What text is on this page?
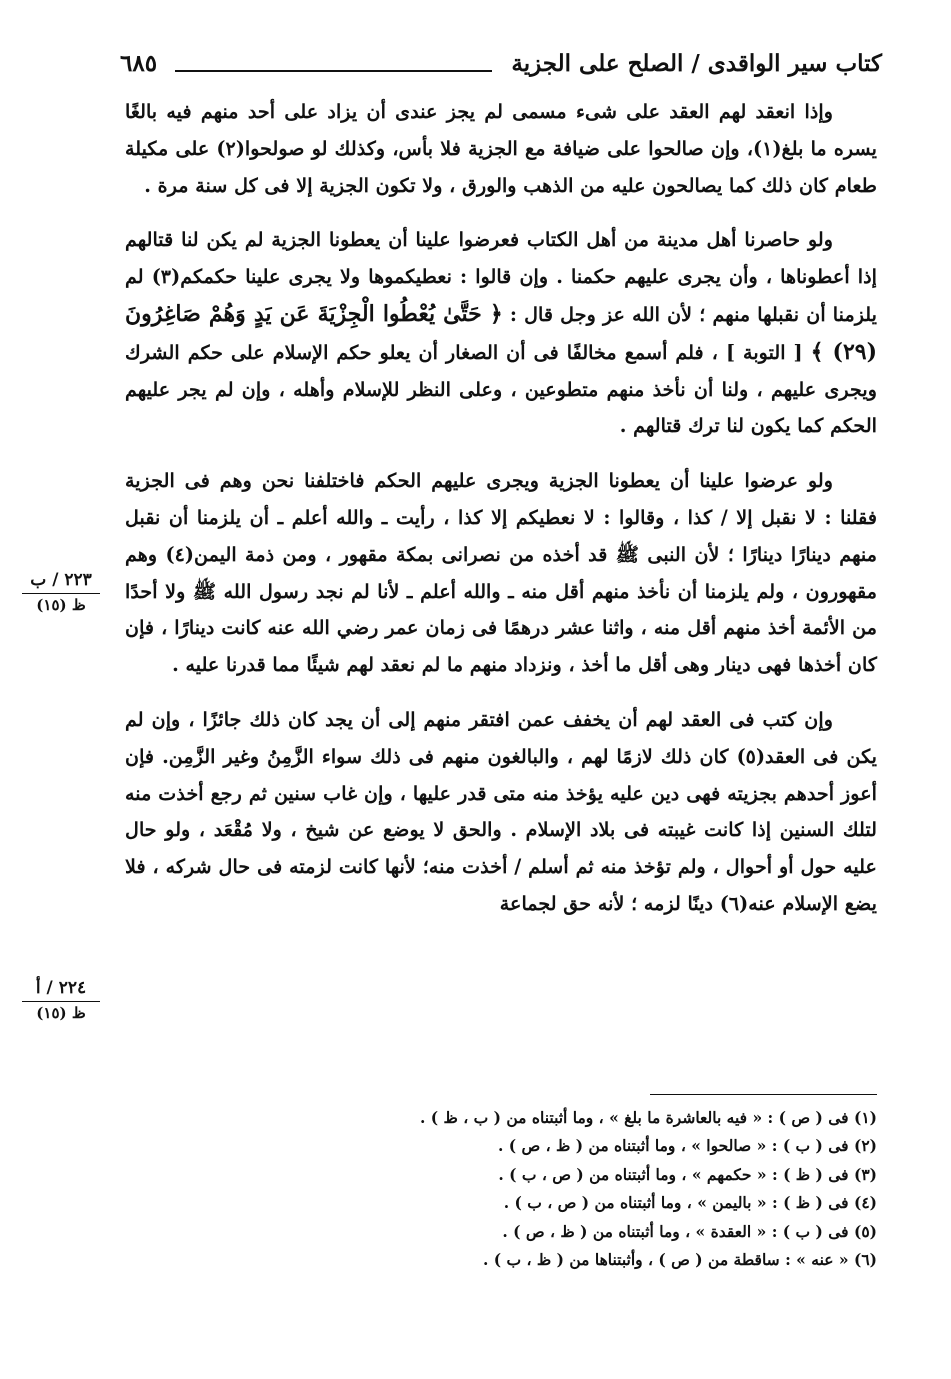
كتاب سير الواقدى / الصلح على الجزية
٦٨٥

وإذا انعقد لهم العقد على شىء مسمى لم يجز عندى أن يزاد على أحد منهم فيه بالغًا يسره ما بلغ(١)، وإن صالحوا على ضيافة مع الجزية فلا بأس، وكذلك لو صولحوا(٢) على مكيلة طعام كان ذلك كما يصالحون عليه من الذهب والورق ، ولا تكون الجزية إلا فى كل سنة مرة .

ولو حاصرنا أهل مدينة من أهل الكتاب فعرضوا علينا أن يعطونا الجزية لم يكن لنا قتالهم إذا أعطوناها ، وأن يجرى عليهم حكمنا . وإن قالوا : نعطيكموها ولا يجرى علينا حكمكم(٣) لم يلزمنا أن نقبلها منهم ؛ لأن الله عز وجل قال : ﴿ حَتَّىٰ يُعْطُوا الْجِزْيَةَ عَن يَدٍ وَهُمْ صَاغِرُونَ (٢٩) ﴾ [ التوبة ] ، فلم أسمع مخالفًا فى أن الصغار أن يعلو حكم الإسلام على حكم الشرك ويجرى عليهم ، ولنا أن نأخذ منهم متطوعين ، وعلى النظر للإسلام وأهله ، وإن لم يجر عليهم الحكم كما يكون لنا ترك قتالهم .

ولو عرضوا علينا أن يعطونا الجزية ويجرى عليهم الحكم فاختلفنا نحن وهم فى الجزية فقلنا : لا نقبل إلا / كذا ، وقالوا : لا نعطيكم إلا كذا ، رأيت ـ والله أعلم ـ أن يلزمنا أن نقبل منهم دينارًا دينارًا ؛ لأن النبى ﷺ قد أخذه من نصرانى بمكة مقهور ، ومن ذمة اليمن(٤) وهم مقهورون ، ولم يلزمنا أن نأخذ منهم أقل منه ـ والله أعلم ـ لأنا لم نجد رسول الله ﷺ ولا أحدًا من الأئمة أخذ منهم أقل منه ، واثنا عشر درهمًا فى زمان عمر رضي الله عنه كانت دينارًا ، فإن كان أخذها فهى دينار وهى أقل ما أخذ ، ونزداد منهم ما لم نعقد لهم شيئًا مما قدرنا عليه .

وإن كتب فى العقد لهم أن يخفف عمن افتقر منهم إلى أن يجد كان ذلك جائزًا ، وإن لم يكن فى العقد(٥) كان ذلك لازمًا لهم ، والبالغون منهم فى ذلك سواء الزَّمِنُ وغير الزَّمِن. فإن أعوز أحدهم بجزيته فهى دين عليه يؤخذ منه متى قدر عليها ، وإن غاب سنين ثم رجع أخذت منه لتلك السنين إذا كانت غيبته فى بلاد الإسلام . والحق لا يوضع عن شيخ ، ولا مُقْعَد ، ولو حال عليه حول أو أحوال ، ولم تؤخذ منه ثم أسلم / أخذت منه؛ لأنها كانت لزمته فى حال شركه ، فلا يضع الإسلام عنه(٦) دينًا لزمه ؛ لأنه حق لجماعة

٢٢٣ / ب
ظ (١٥)
٢٢٤ / أ
ظ (١٥)
(١) فى ( ص ) : « فيه بالعاشرة ما بلغ » ، وما أثبتناه من ( ب ، ظ ) .
(٢) فى ( ب ) : « صالحوا » ، وما أثبتناه من ( ظ ، ص ) .
(٣) فى ( ظ ) : « حكمهم » ، وما أثبتناه من ( ص ، ب ) .
(٤) فى ( ظ ) : « باليمن » ، وما أثبتناه من ( ص ، ب ) .
(٥) فى ( ب ) : « العقدة » ، وما أثبتناه من ( ظ ، ص ) .
(٦) « عنه » : ساقطة من ( ص ) ، وأثبتناها من ( ظ ، ب ) .
